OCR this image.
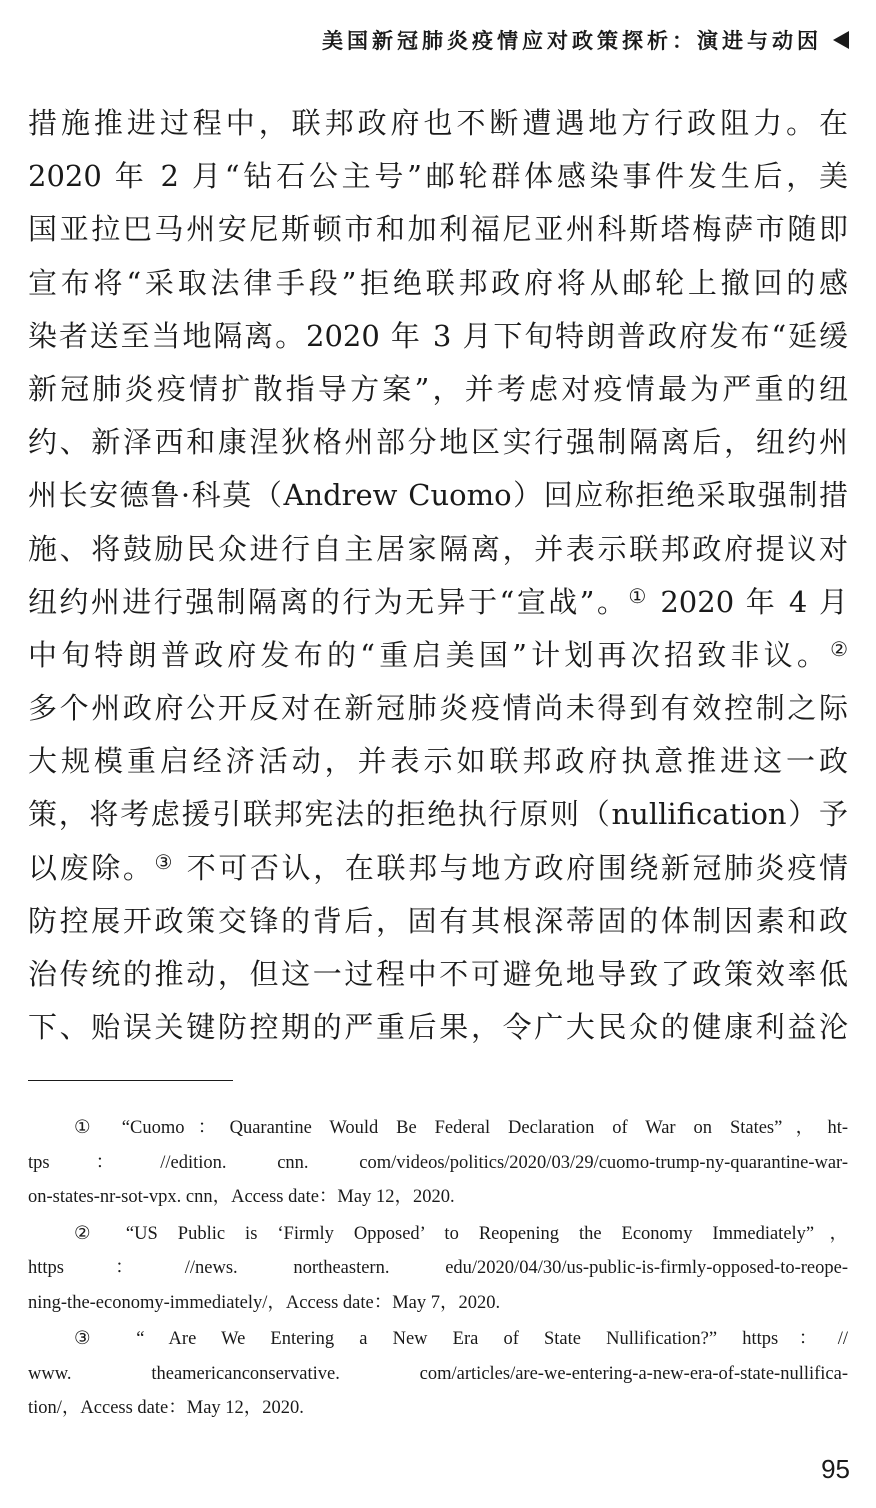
美国新冠肺炎疫情应对政策探析：演进与动因
措施推进过程中，联邦政府也不断遭遇地方行政阻力。在
2020 年 2 月“钻石公主号”邮轮群体感染事件发生后，美
国亚拉巴马州安尼斯顿市和加利福尼亚州科斯塔梅萨市随即
宣布将“采取法律手段”拒绝联邦政府将从邮轮上撤回的感
染者送至当地隔离。2020 年 3 月下旬特朗普政府发布“延缓
新冠肺炎疫情扩散指导方案”，并考虑对疫情最为严重的纽
约、新泽西和康涅狄格州部分地区实行强制隔离后，纽约州
州长安德鲁·科莫（Andrew Cuomo）回应称拒绝采取强制措
施、将鼓励民众进行自主居家隔离，并表示联邦政府提议对
纽约州进行强制隔离的行为无异于“宣战”。① 2020 年 4 月
中旬特朗普政府发布的“重启美国”计划再次招致非议。②
多个州政府公开反对在新冠肺炎疫情尚未得到有效控制之际
大规模重启经济活动，并表示如联邦政府执意推进这一政
策，将考虑援引联邦宪法的拒绝执行原则（nullification）予
以废除。③ 不可否认，在联邦与地方政府围绕新冠肺炎疫情
防控展开政策交锋的背后，固有其根深蒂固的体制因素和政
治传统的推动，但这一过程中不可避免地导致了政策效率低
下、贻误关键防控期的严重后果，令广大民众的健康利益沦
① “Cuomo：Quarantine Would Be Federal Declaration of War on States”，ht-
tps：//edition. cnn. com/videos/politics/2020/03/29/cuomo-trump-ny-quarantine-war-
on-states-nr-sot-vpx. cnn，Access date：May 12，2020.
② “US Public is ‘Firmly Opposed’ to Reopening the Economy Immediately”，
https：//news. northeastern. edu/2020/04/30/us-public-is-firmly-opposed-to-reope-
ning-the-economy-immediately/，Access date：May 7，2020.
③ “ Are We Entering a New Era of State Nullification?” https：//
www. theamericanconservative. com/articles/are-we-entering-a-new-era-of-state-nullifica-
tion/，Access date：May 12，2020.
95
